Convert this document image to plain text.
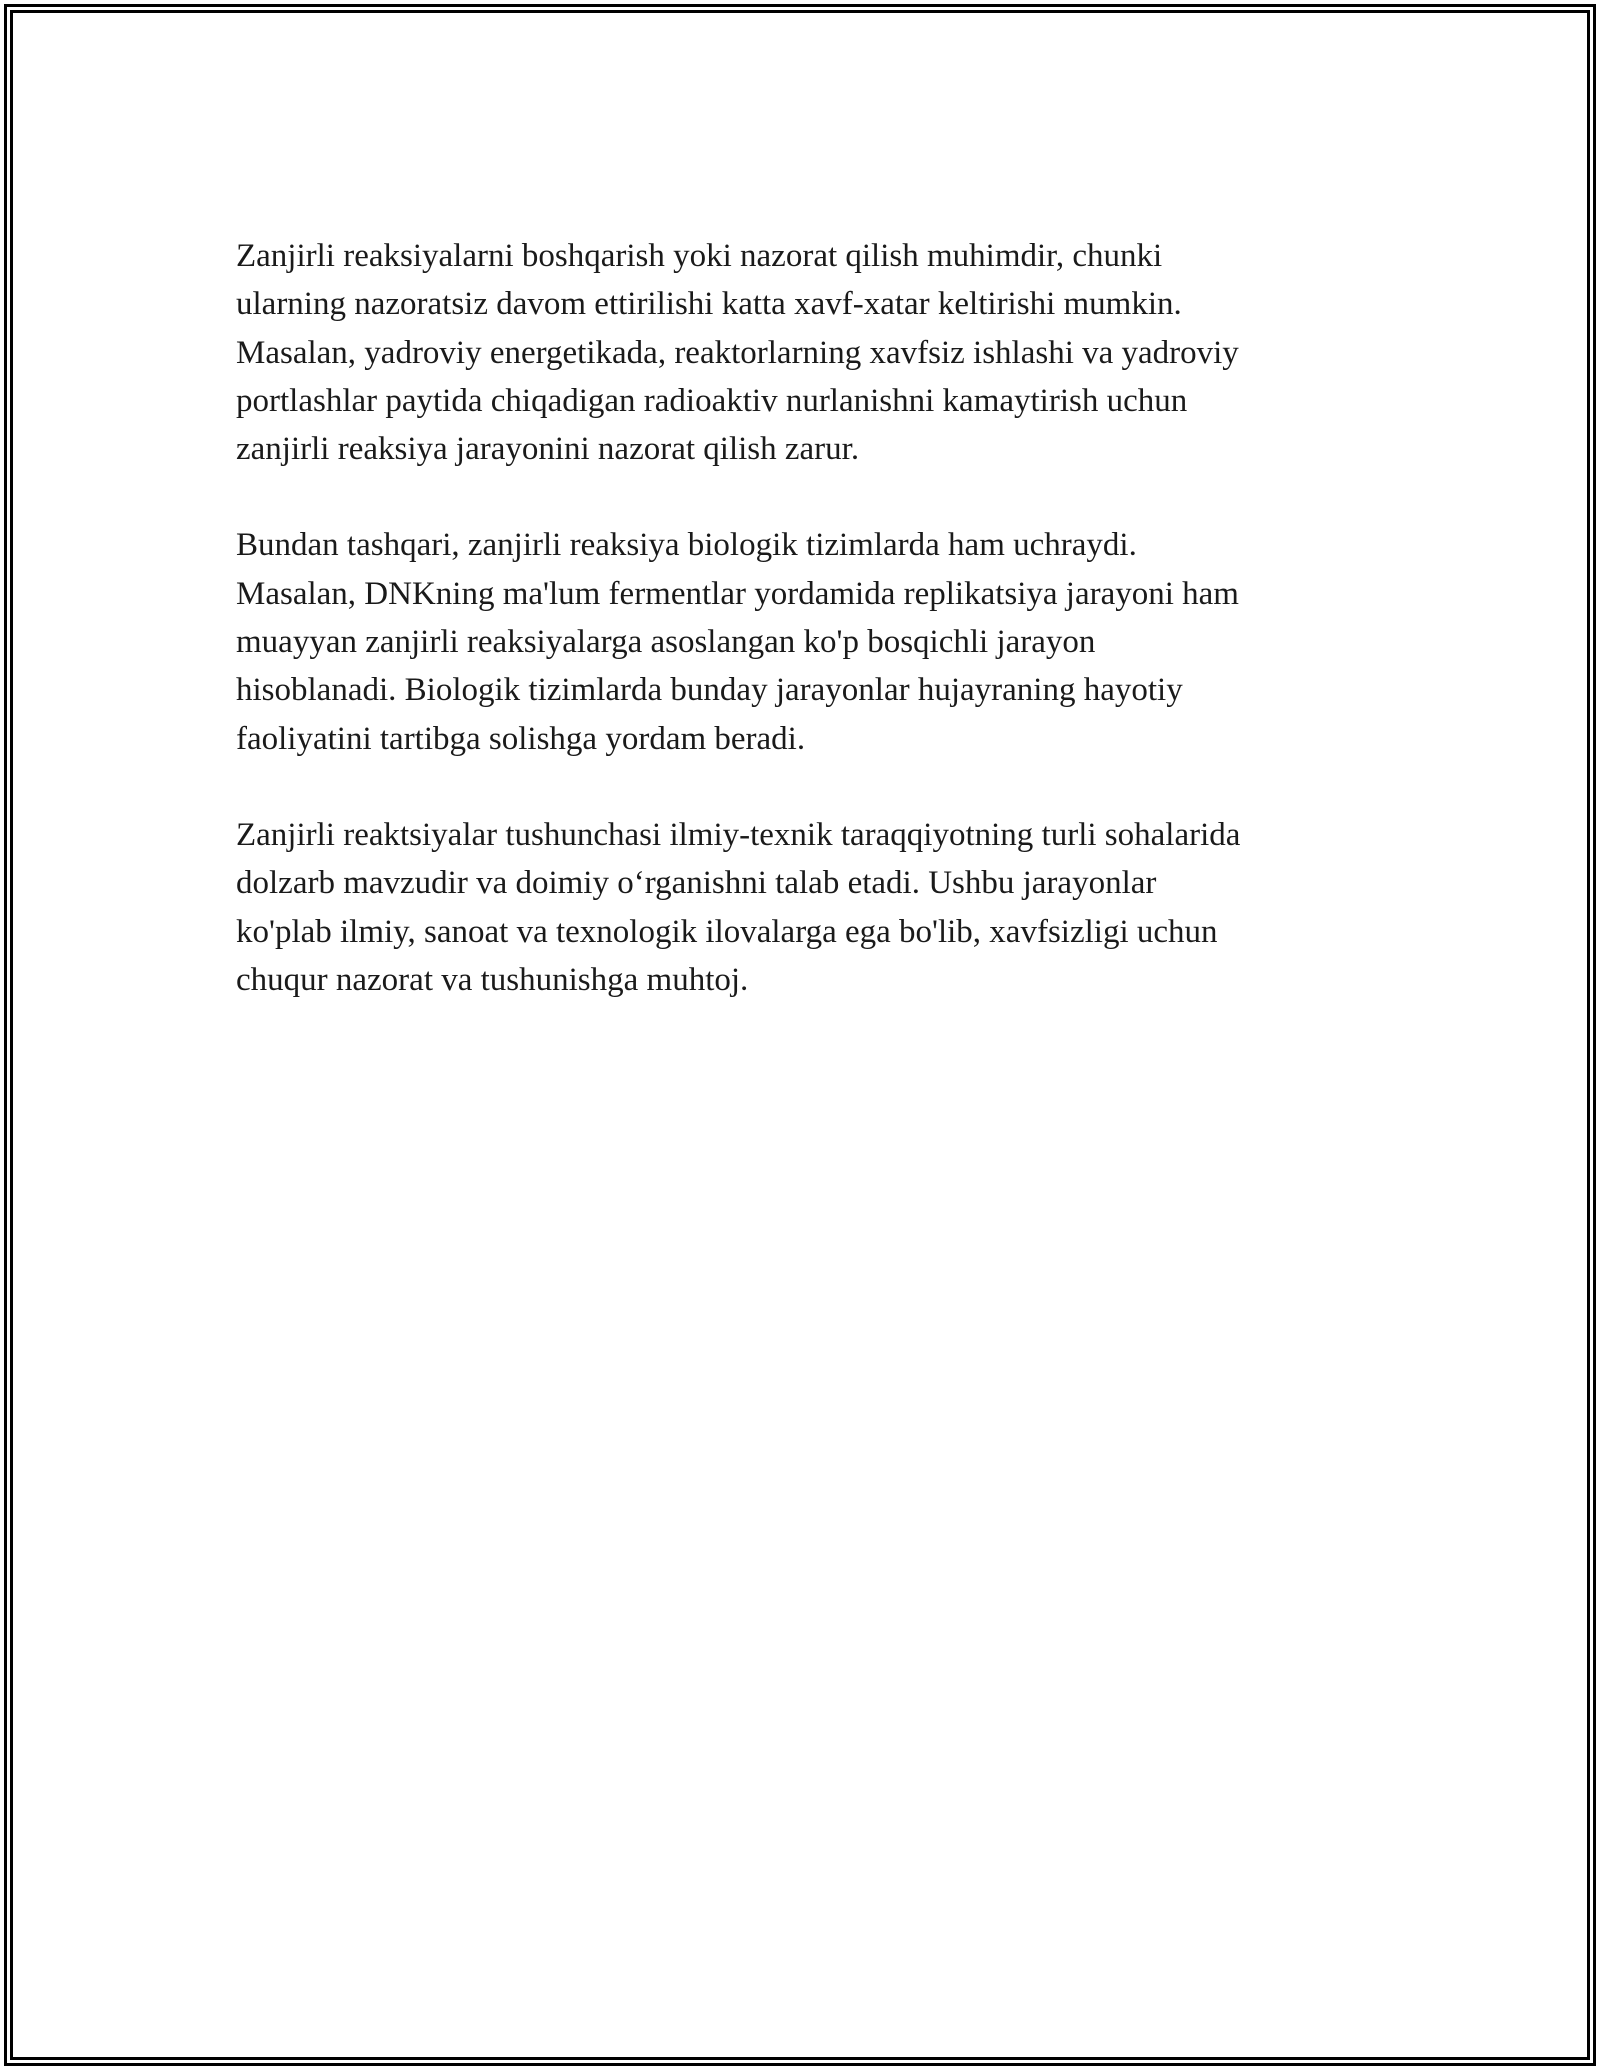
Zanjirli reaksiyalarni boshqarish yoki nazorat qilish muhimdir, chunki
ularning nazoratsiz davom ettirilishi katta xavf-xatar keltirishi mumkin.
Masalan, yadroviy energetikada, reaktorlarning xavfsiz ishlashi va yadroviy
portlashlar paytida chiqadigan radioaktiv nurlanishni kamaytirish uchun
zanjirli reaksiya jarayonini nazorat qilish zarur.

Bundan tashqari, zanjirli reaksiya biologik tizimlarda ham uchraydi.
Masalan, DNKning ma'lum fermentlar yordamida replikatsiya jarayoni ham
muayyan zanjirli reaksiyalarga asoslangan ko'p bosqichli jarayon
hisoblanadi. Biologik tizimlarda bunday jarayonlar hujayraning hayotiy
faoliyatini tartibga solishga yordam beradi.

Zanjirli reaktsiyalar tushunchasi ilmiy-texnik taraqqiyotning turli sohalarida
dolzarb mavzudir va doimiy o‘rganishni talab etadi. Ushbu jarayonlar
ko'plab ilmiy, sanoat va texnologik ilovalarga ega bo'lib, xavfsizligi uchun
chuqur nazorat va tushunishga muhtoj.
